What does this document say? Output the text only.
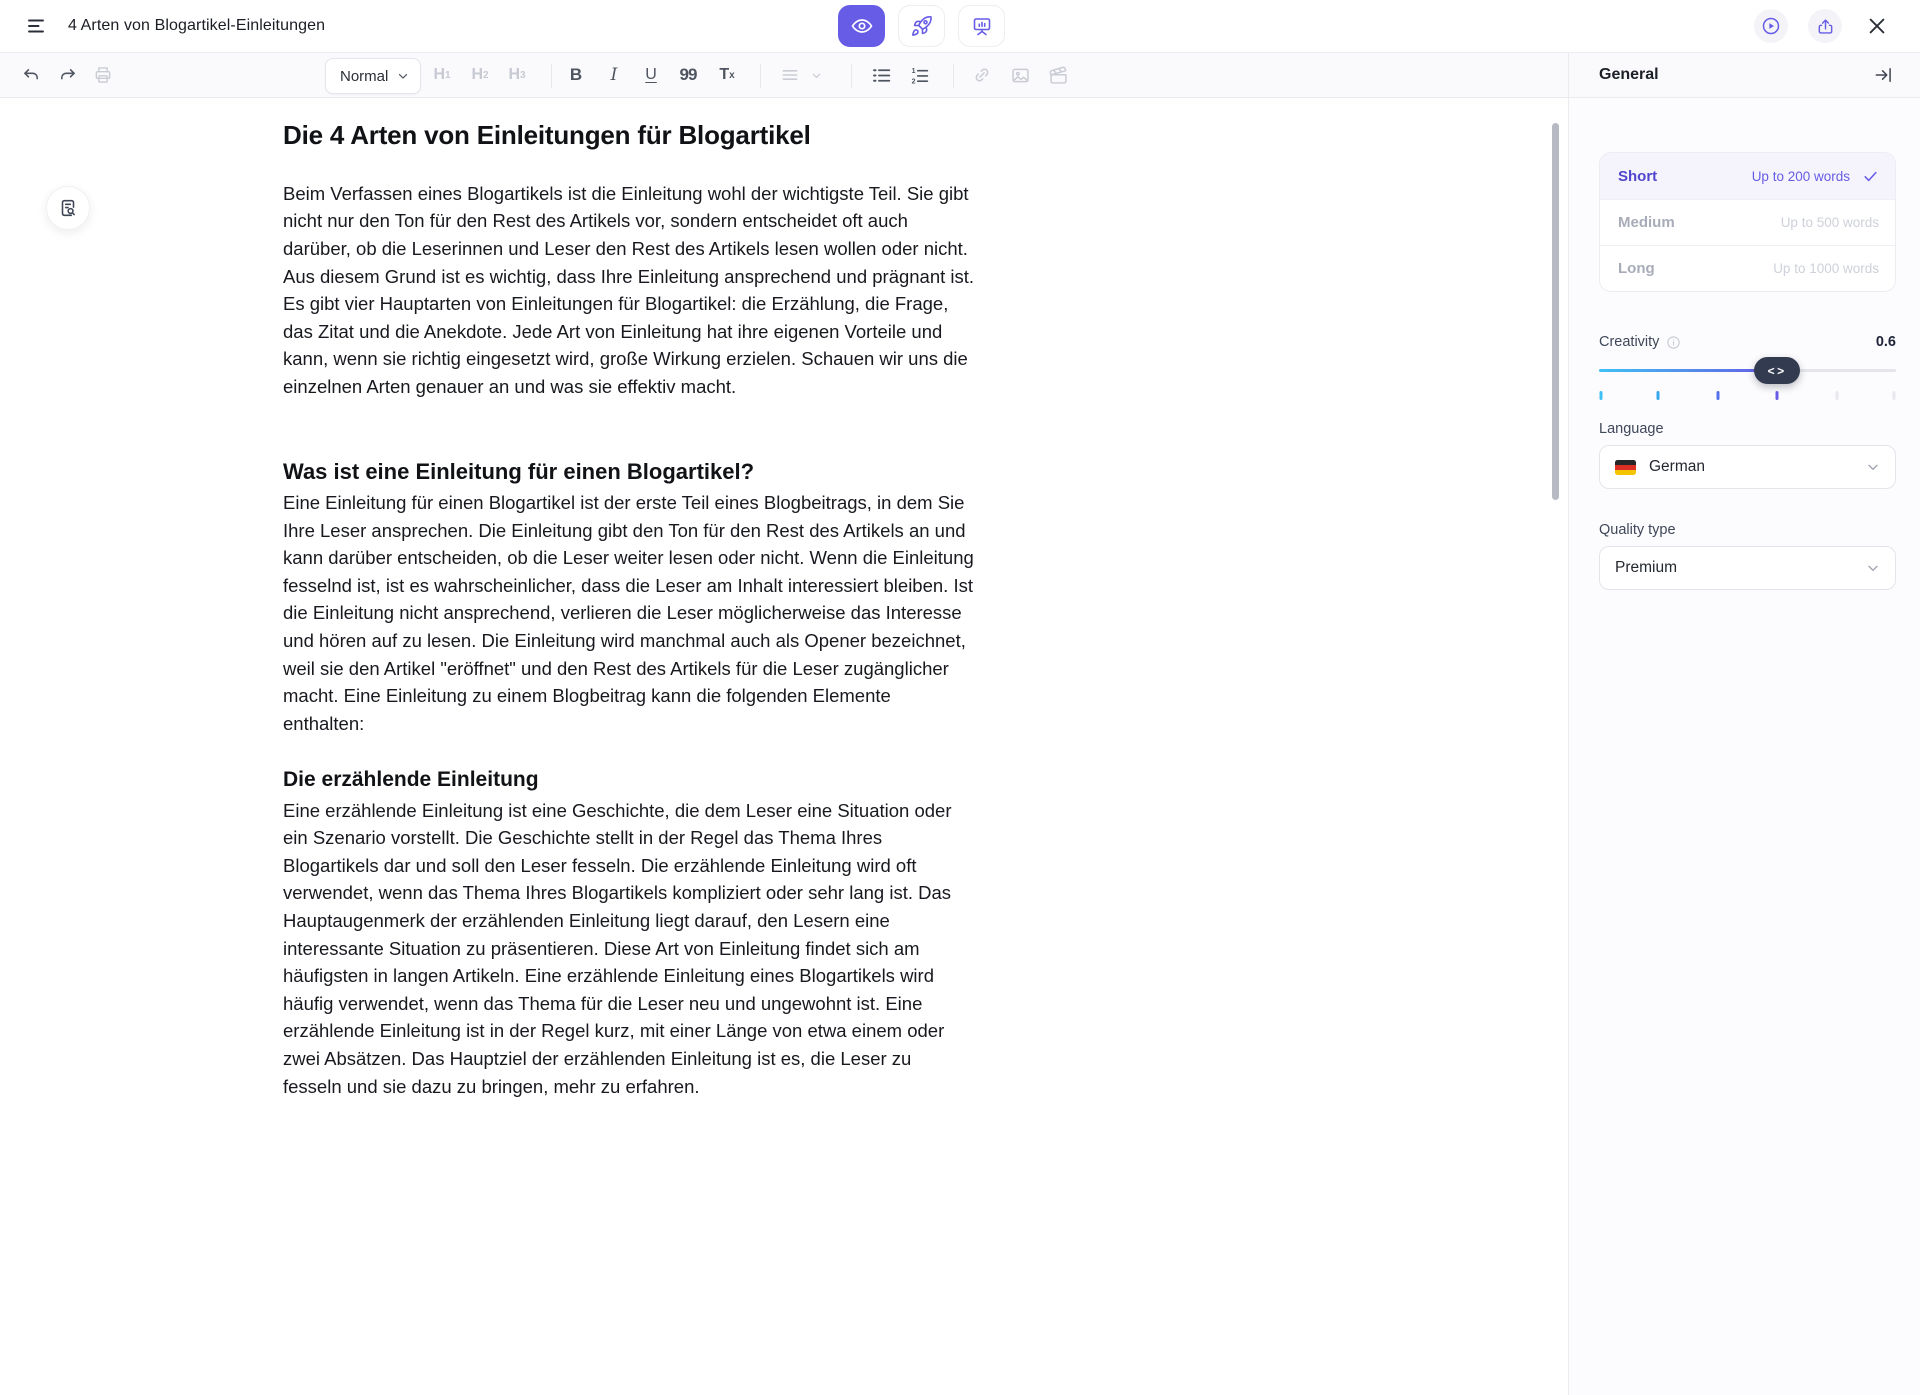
4 Arten von Blogartikel-Einleitungen
Normal	H 1 H 2 H 3	B	I	U	99	T x	1
2	General
Die 4 Arten von Einleitungen für Blogartikel

Beim Verfassen eines Blogartikels ist die Einleitung wohl der wichtigste Teil. Sie gibt nicht nur den Ton für den Rest des Artikels vor, sondern entscheidet oft auch darüber, ob die Leserinnen und Leser den Rest des Artikels lesen wollen oder nicht. Aus diesem Grund ist es wichtig, dass Ihre Einleitung ansprechend und prägnant ist. Es gibt vier Hauptarten von Einleitungen für Blogartikel: die Erzählung, die Frage, das Zitat und die Anekdote. Jede Art von Einleitung hat ihre eigenen Vorteile und kann, wenn sie richtig eingesetzt wird, große Wirkung erzielen. Schauen wir uns die einzelnen Arten genauer an und was sie effektiv macht.

Was ist eine Einleitung für einen Blogartikel?

Eine Einleitung für einen Blogartikel ist der erste Teil eines Blogbeitrags, in dem Sie Ihre Leser ansprechen. Die Einleitung gibt den Ton für den Rest des Artikels an und kann darüber entscheiden, ob die Leser weiter lesen oder nicht. Wenn die Einleitung fesselnd ist, ist es wahrscheinlicher, dass die Leser am Inhalt interessiert bleiben. Ist die Einleitung nicht ansprechend, verlieren die Leser möglicherweise das Interesse und hören auf zu lesen. Die Einleitung wird manchmal auch als Opener bezeichnet, weil sie den Artikel "eröffnet" und den Rest des Artikels für die Leser zugänglicher macht. Eine Einleitung zu einem Blogbeitrag kann die folgenden Elemente enthalten:

Die erzählende Einleitung

Eine erzählende Einleitung ist eine Geschichte, die dem Leser eine Situation oder ein Szenario vorstellt. Die Geschichte stellt in der Regel das Thema Ihres Blogartikels dar und soll den Leser fesseln. Die erzählende Einleitung wird oft verwendet, wenn das Thema Ihres Blogartikels kompliziert oder sehr lang ist. Das Hauptaugenmerk der erzählenden Einleitung liegt darauf, den Lesern eine interessante Situation zu präsentieren. Diese Art von Einleitung findet sich am häufigsten in langen Artikeln. Eine erzählende Einleitung eines Blogartikels wird häufig verwendet, wenn das Thema für die Leser neu und ungewohnt ist. Eine erzählende Einleitung ist in der Regel kurz, mit einer Länge von etwa einem oder zwei Absätzen. Das Hauptziel der erzählenden Einleitung ist es, die Leser zu fesseln und sie dazu zu bringen, mehr zu erfahren.

Short	Up to 200 words
Medium	Up to 500 words
Long	Up to 1000 words
Creativity	0.6
<>
Language
German
Quality type
Premium
